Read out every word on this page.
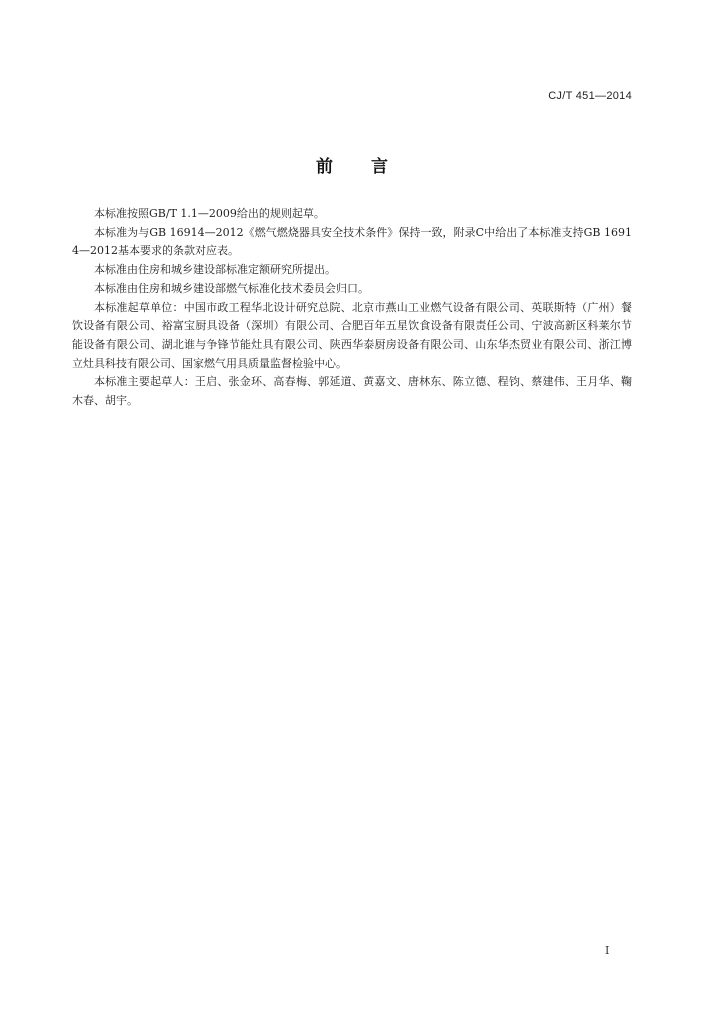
CJ/T 451—2014
前 言

本标准按照GB/T 1.1—2009给出的规则起草。

本标准为与GB 16914—2012《燃气燃烧器具安全技术条件》保持一致，附录C中给出了本标准支持GB 16914—2012基本要求的条款对应表。

本标准由住房和城乡建设部标准定额研究所提出。

本标准由住房和城乡建设部燃气标准化技术委员会归口。

本标准起草单位：中国市政工程华北设计研究总院、北京市燕山工业燃气设备有限公司、英联斯特（广州）餐饮设备有限公司、裕富宝厨具设备（深圳）有限公司、合肥百年五星饮食设备有限责任公司、宁波高新区科莱尔节能设备有限公司、湖北谁与争锋节能灶具有限公司、陕西华泰厨房设备有限公司、山东华杰贸业有限公司、浙江博立灶具科技有限公司、国家燃气用具质量监督检验中心。

本标准主要起草人：王启、张金环、高春梅、郭延道、黄嘉文、唐林东、陈立德、程钧、蔡建伟、王月华、鞠木春、胡宇。

I
